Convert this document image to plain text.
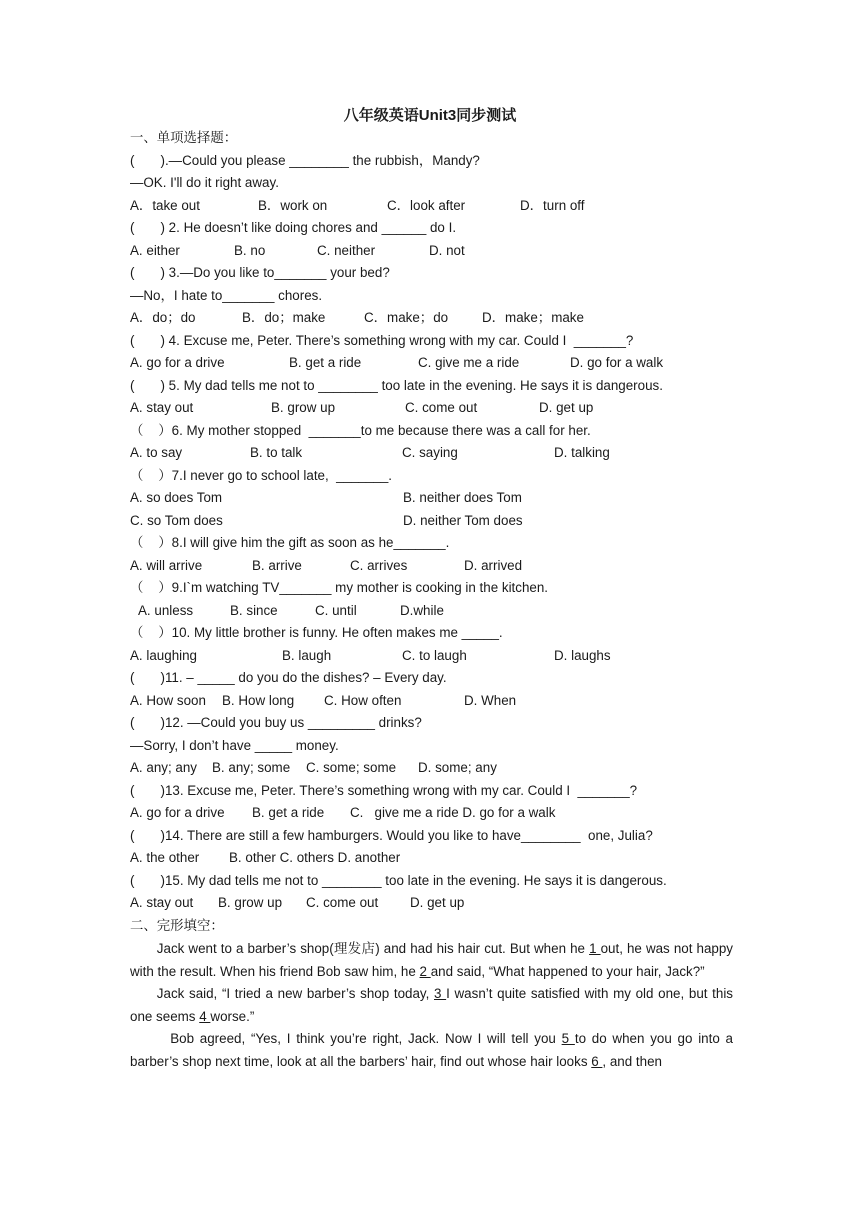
八年级英语Unit3同步测试
一、单项选择题：
(       ).—Could you please ________ the rubbish，Mandy?
—OK. I'll do it right away.
A．take out	B．work on	C．look after	D．turn off
(       ) 2. He doesn’t like doing chores and ______ do I.
A. either	B. no	C. neither	D. not
(       ) 3.—Do you like to_______ your bed?
—No，I hate to_______ chores.
A．do；do	B．do；make	C．make；do	D．make；make
(       ) 4. Excuse me, Peter. There’s something wrong with my car. Could I  _______?
A. go for a drive	B. get a ride	C. give me a ride	D. go for a walk
(       ) 5. My dad tells me not to ________ too late in the evening. He says it is dangerous.
A. stay out	B. grow up	C. come out	D. get up
（    ）6. My mother stopped  _______to me because there was a call for her.
A. to say	B. to talk	C. saying	D. talking
（    ）7.I never go to school late,  _______.
A. so does Tom	B. neither does Tom
C. so Tom does	D. neither Tom does
（    ）8.I will give him the gift as soon as he_______.
A. will arrive	B. arrive	C. arrives	D. arrived
（    ）9.I`m watching TV_______ my mother is cooking in the kitchen.
A. unless	B. since	C. until	D.while
（    ）10. My little brother is funny. He often makes me _____.
A. laughing	B. laugh	C. to laugh	D. laughs
(       )11. – _____ do you do the dishes? – Every day.
A. How soon B. How long C. How often	D. When
(       )12. —Could you buy us _________ drinks?
—Sorry, I don’t have _____ money.
A. any; any B. any; some C. some; some D. some; any
(       )13. Excuse me, Peter. There’s something wrong with my car. Could I  _______?
A. go for a drive B. get a ride C.   give me a ride D. go for a walk
(       )14. There are still a few hamburgers. Would you like to have________  one, Julia?
A. the other B. other C. others D. another
(       )15. My dad tells me not to ________ too late in the evening. He says it is dangerous.
A. stay out B. grow up C. come out D. get up
二、完形填空：

Jack went to a barber’s shop(理发店) and had his hair cut. But when he 1 out, he was not happy with the result. When his friend Bob saw him, he 2 and said, “What happened to your hair, Jack?”

Jack said, “I tried a new barber’s shop today, 3 I wasn’t quite satisfied with my old one, but this one seems 4 worse.”

Bob agreed, “Yes, I think you’re right, Jack. Now I will tell you 5 to do when you go into a barber’s shop next time, look at all the barbers’ hair, find out whose hair looks 6 , and then
